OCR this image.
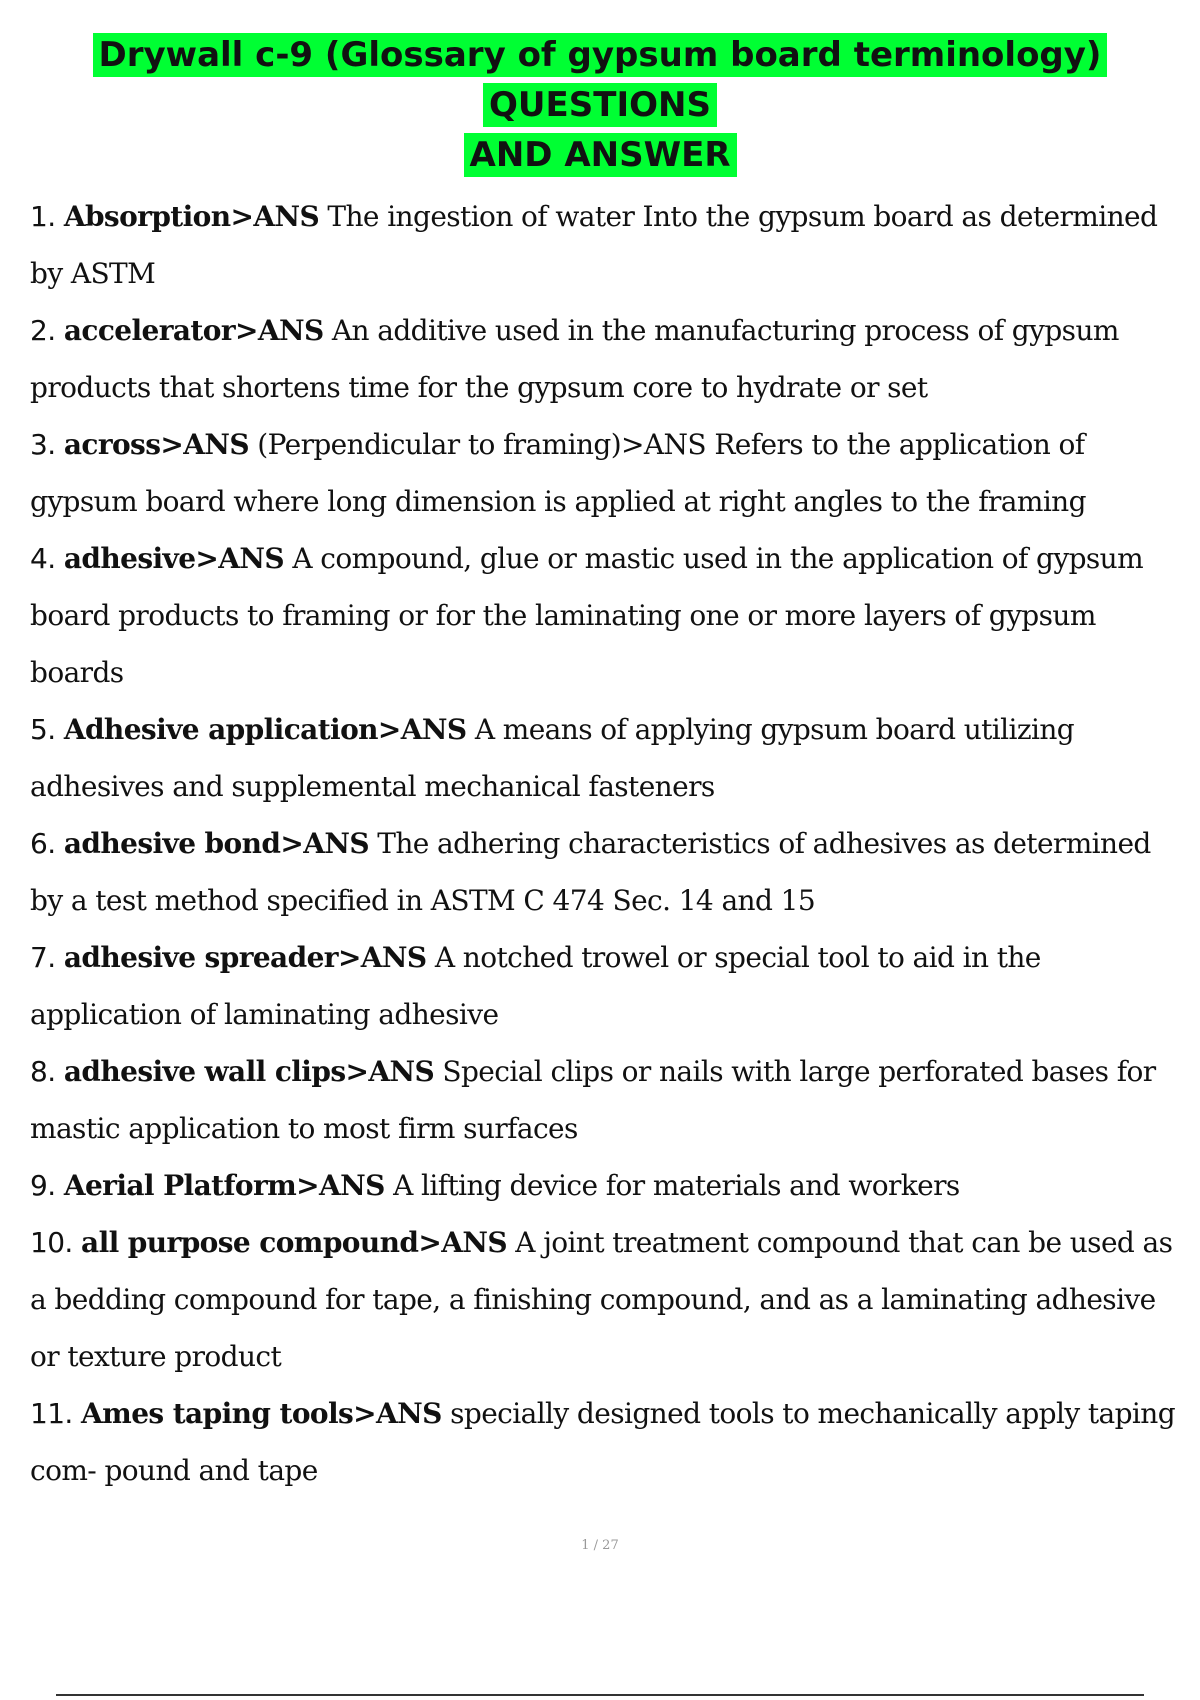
Drywall c-9 (Glossary of gypsum board terminology) QUESTIONS
AND ANSWER
1. Absorption>ANS The ingestion of water Into the gypsum board as determined by ASTM
2. accelerator>ANS An additive used in the manufacturing process of gypsum products that shortens time for the gypsum core to hydrate or set
3. across>ANS (Perpendicular to framing)>ANS Refers to the application of gypsum board where long dimension is applied at right angles to the framing
4. adhesive>ANS A compound, glue or mastic used in the application of gypsum board products to framing or for the laminating one or more layers of gypsum boards
5. Adhesive application>ANS A means of applying gypsum board utilizing adhesives and supplemental mechanical fasteners
6. adhesive bond>ANS The adhering characteristics of adhesives as determined by a test method specified in ASTM C 474 Sec. 14 and 15
7. adhesive spreader>ANS A notched trowel or special tool to aid in the application of laminating adhesive
8. adhesive wall clips>ANS Special clips or nails with large perforated bases for mastic application to most firm surfaces
9. Aerial Platform>ANS A lifting device for materials and workers
10. all purpose compound>ANS A joint treatment compound that can be used as a bedding compound for tape, a finishing compound, and as a laminating adhesive or texture product
11. Ames taping tools>ANS specially designed tools to mechanically apply taping com- pound and tape
1 / 27
